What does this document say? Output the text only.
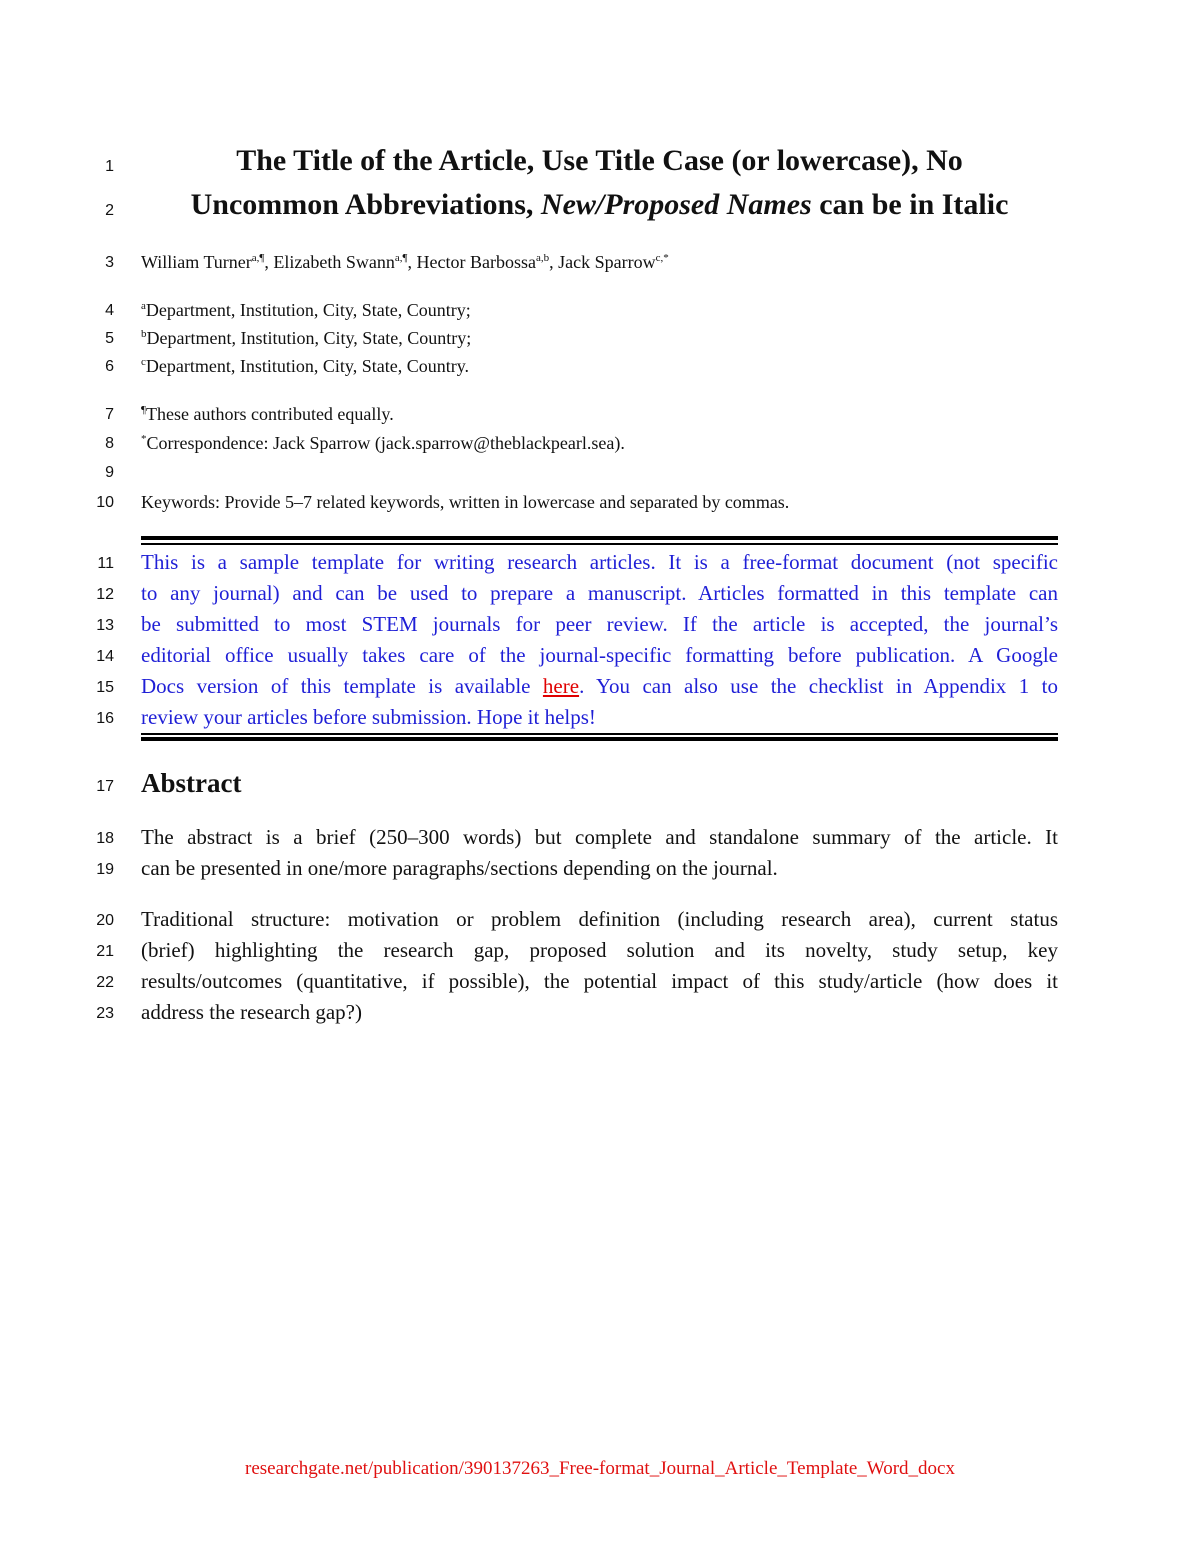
1	The Title of the Article, Use Title Case (or lowercase), No
2	Uncommon Abbreviations, New/Proposed Names can be in Italic
3 William Turner$^{a,\P}$, Elizabeth Swann$^{a,\P}$, Hector Barbossa$^{a,b}$, Jack Sparrow$^{c,*}$
4 $^a$Department, Institution, City, State, Country;
5 $^b$Department, Institution, City, State, Country;
6 $^c$Department, Institution, City, State, Country.
7 ¶These authors contributed equally.
8 *Correspondence: Jack Sparrow (jack.sparrow@theblackpearl.sea).
9
10 Keywords: Provide 5–7 related keywords, written in lowercase and separated by commas.
11 This is a sample template for writing research articles. It is a free-format document (not specific
12 to any journal) and can be used to prepare a manuscript. Articles formatted in this template can
13 be submitted to most STEM journals for peer review. If the article is accepted, the journal’s
14 editorial office usually takes care of the journal-specific formatting before publication. A Google
15 Docs version of this template is available here. You can also use the checklist in Appendix 1 to
16 review your articles before submission. Hope it helps!
17 Abstract
18 The abstract is a brief (250–300 words) but complete and standalone summary of the article. It
19 can be presented in one/more paragraphs/sections depending on the journal.
20 Traditional structure: motivation or problem definition (including research area), current status
21 (brief) highlighting the research gap, proposed solution and its novelty, study setup, key
22 results/outcomes (quantitative, if possible), the potential impact of this study/article (how does it
23 address the research gap?)
researchgate.net/publication/390137263_Free-format_Journal_Article_Template_Word_docx
